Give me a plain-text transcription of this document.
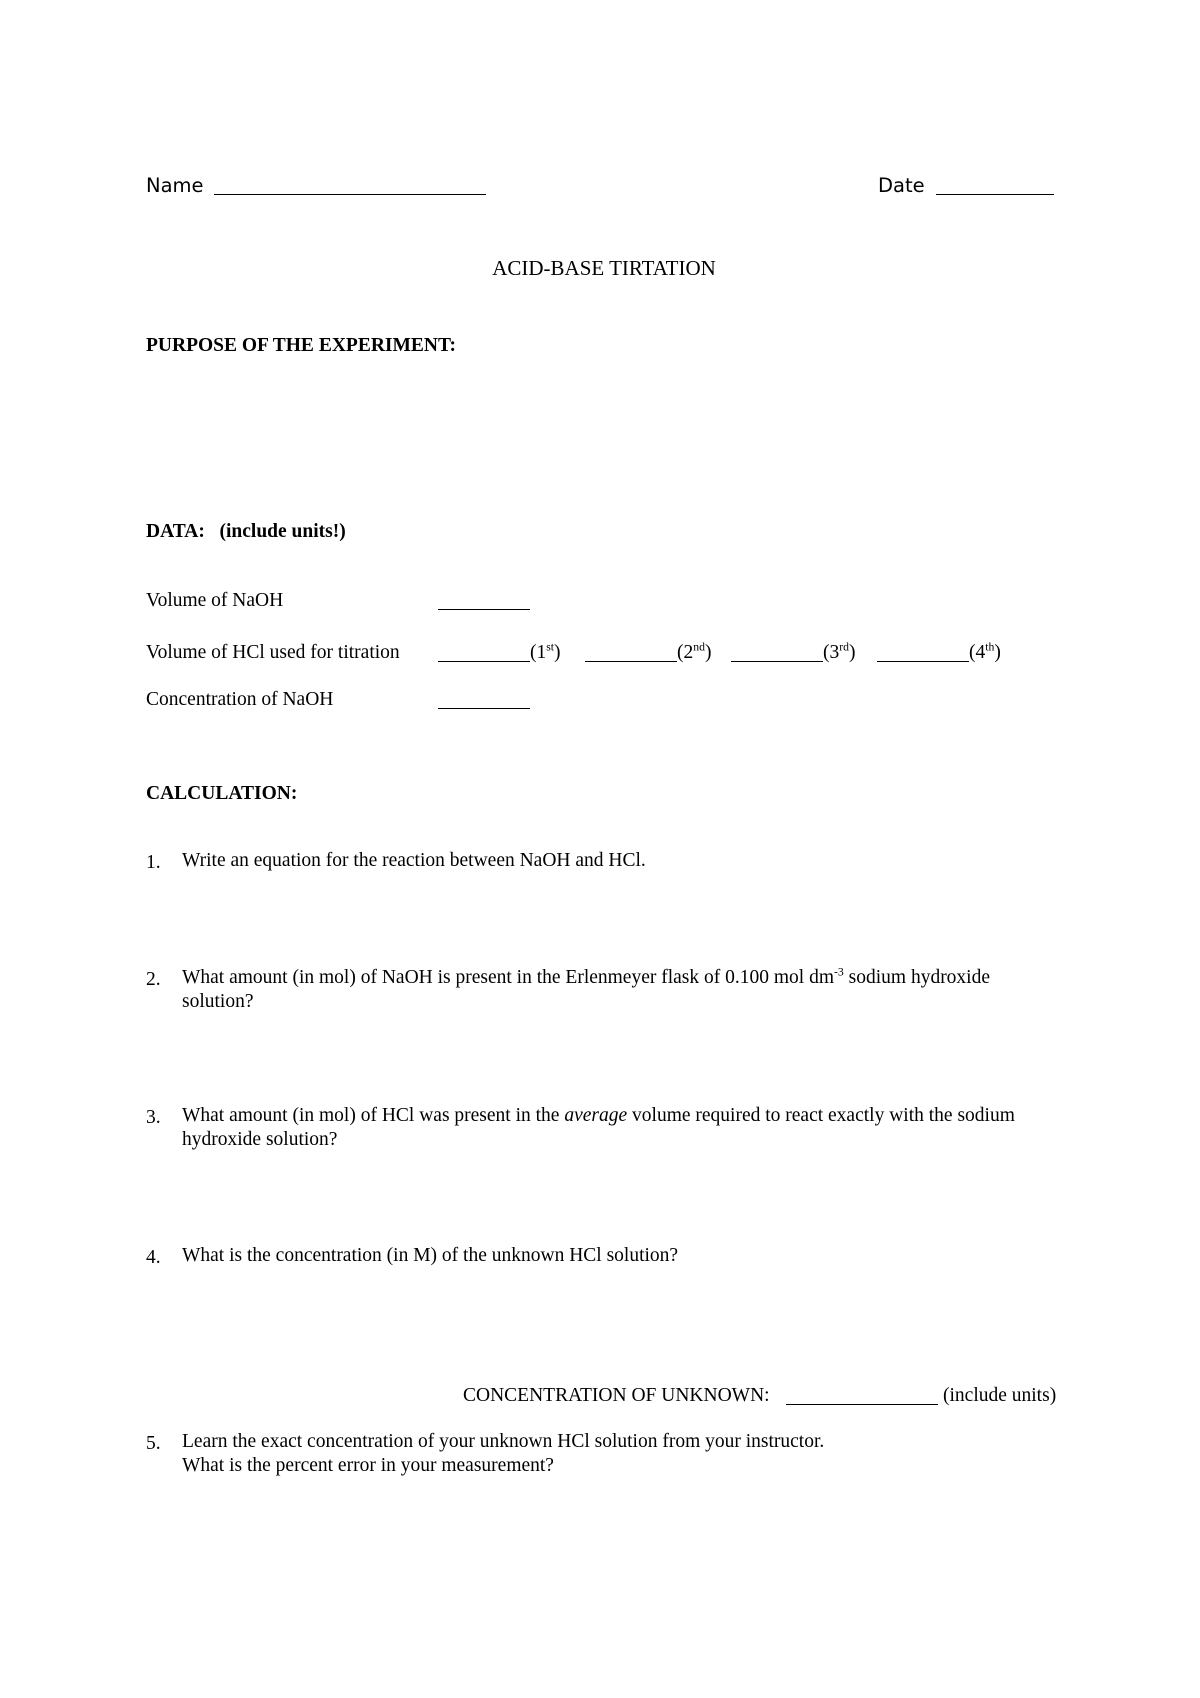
Name	Date
ACID-BASE TIRTATION
PURPOSE OF THE EXPERIMENT:
DATA: (include units!)
Volume of NaOH
Volume of HCl used for titration	(1st)	(2nd)	(3rd)	(4th)
Concentration of NaOH
CALCULATION:
1.	Write an equation for the reaction between NaOH and HCl.
2.	What amount (in mol) of NaOH is present in the Erlenmeyer flask of 0.100 mol $dm^{-3}$ sodium hydroxide solution?
3.	What amount (in mol) of HCl was present in the average volume required to react exactly with the sodium hydroxide solution?
4.	What is the concentration (in M) of the unknown HCl solution?
CONCENTRATION OF UNKNOWN:	(include units)
5.	Learn the exact concentration of your unknown HCl solution from your instructor.
What is the percent error in your measurement?
